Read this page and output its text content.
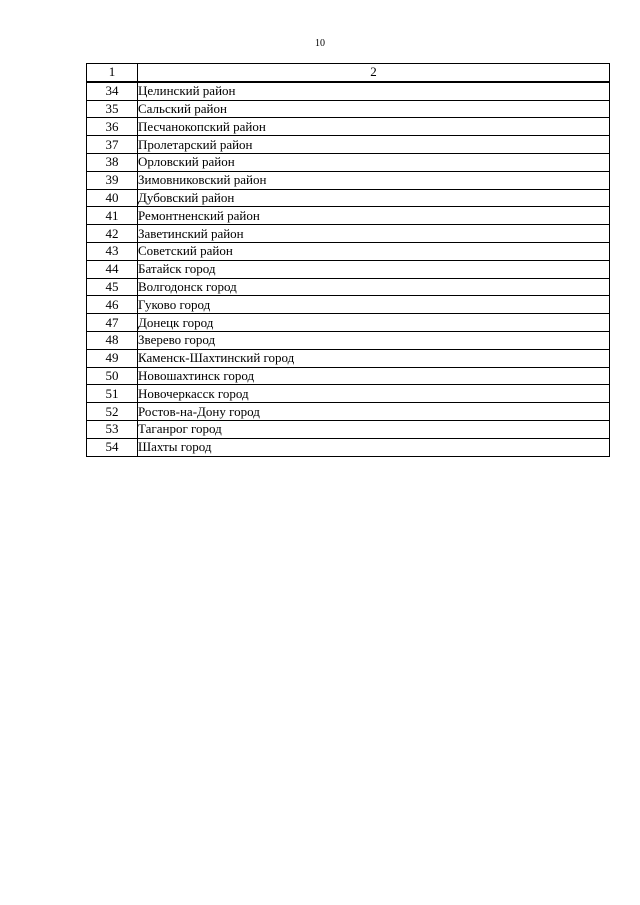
10
1	2
34	Целинский район
35	Сальский район
36	Песчанокопский район
37	Пролетарский район
38	Орловский район
39	Зимовниковский район
40	Дубовский район
41	Ремонтненский район
42	Заветинский район
43	Советский район
44	Батайск город
45	Волгодонск город
46	Гуково город
47	Донецк город
48	Зверево город
49	Каменск-Шахтинский город
50	Новошахтинск город
51	Новочеркасск город
52	Ростов-на-Дону город
53	Таганрог город
54	Шахты город
